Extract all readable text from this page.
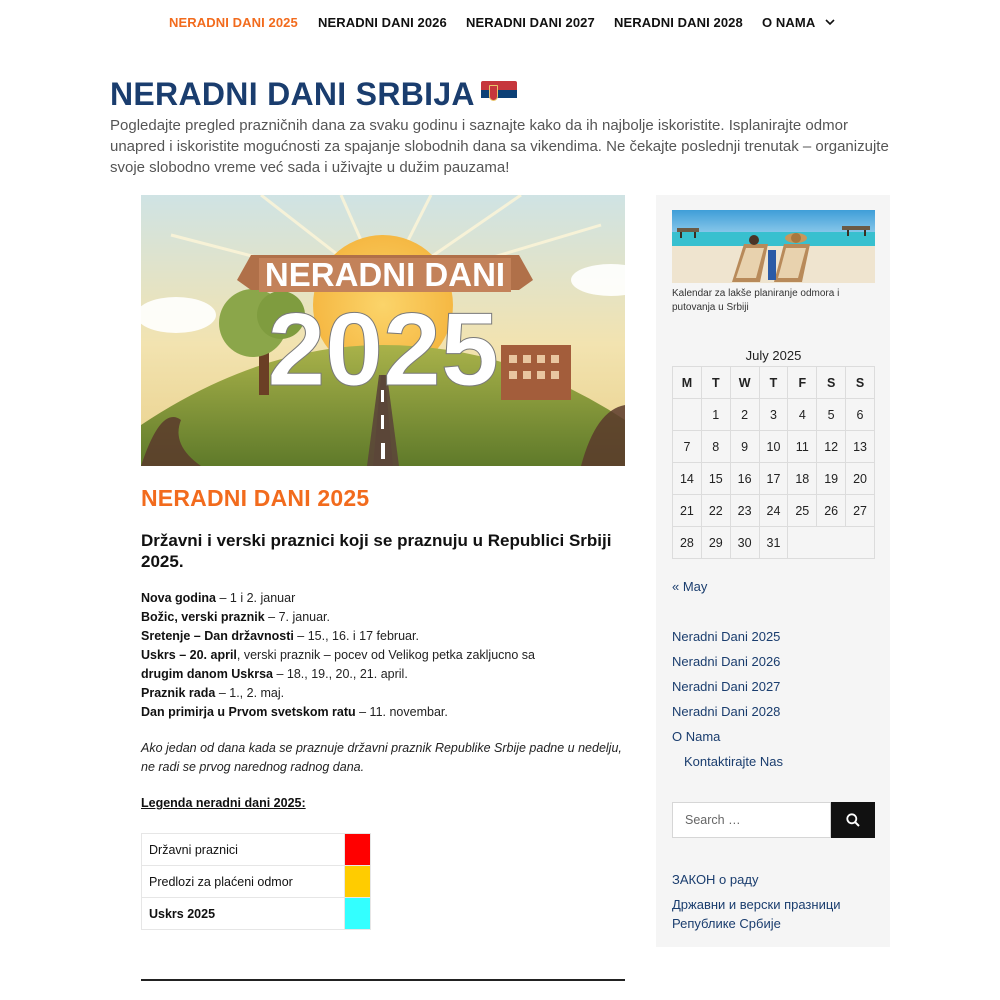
NERADNI DANI 2025 NERADNI DANI 2026 NERADNI DANI 2027 NERADNI DANI 2028 O NAMA
NERADNI DANI SRBIJA

Pogledajte pregled prazničnih dana za svaku godinu i saznajte kako da ih najbolje iskoristite. Isplanirajte odmor unapred i iskoristite mogućnosti za spajanje slobodnih dana sa vikendima. Ne čekajte poslednji trenutak – organizujte svoje slobodno vreme već sada i uživajte u dužim pauzama!

NERADNI DANI
2025
NERADNI DANI 2025
Državni i verski praznici koji se praznuju u Republici Srbiji 2025.
Nova godina – 1 i 2. januar
Božic, verski praznik – 7. januar.
Sretenje – Dan državnosti – 15., 16. i 17 februar.
Uskrs – 20. april, verski praznik – pocev od Velikog petka zakljucno sa
drugim danom Uskrsa – 18., 19., 20., 21. april.
Praznik rada – 1., 2. maj.
Dan primirja u Prvom svetskom ratu – 11. novembar.

Ako jedan od dana kada se praznuje državni praznik Republike Srbije padne u nedelju, ne radi se prvog narednog radnog dana.

Legenda neradni dani 2025:
Državni praznici	
Predlozi za plaćeni odmor	
Uskrs 2025	
Kalendar za lakše planiranje odmora i putovanja u Srbiji
July 2025
M	T	W	T	F	S	S
	1	2	3	4	5	6
7	8	9	10	11	12	13
14	15	16	17	18	19	20
21	22	23	24	25	26	27
28	29	30	31			
« May
Neradni Dani 2025
Neradni Dani 2026
Neradni Dani 2027
Neradni Dani 2028
O Nama
Kontaktirajte Nas
Search …
ЗАКОН о раду
Државни и верски празници Републике Србије
